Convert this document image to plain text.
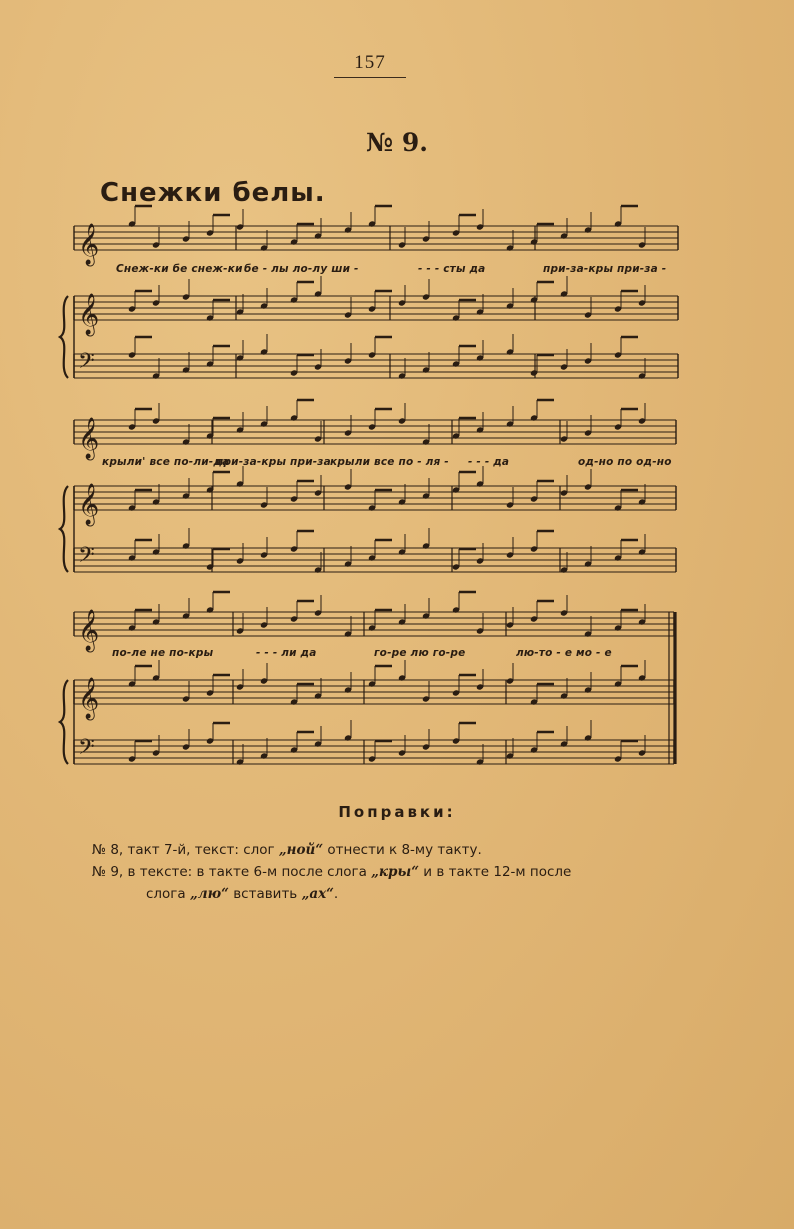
157
№ 9.
Снежки белы.
𝄞
𝄞
𝄢
𝄞
𝄞
𝄢
𝄞
𝄞
𝄢
Снеж-ки бе снеж-ки бе - лы ло-лу ши -	- - - сты да	при-за-кры при-за -
крыли' все по-ли-да
при-за-кры при-за крыли все по - ля - - - - да	од-но по од-но
по-ле не по-кры	- - - ли да	го-ре лю го-ре	лю-то - е мо - е
Поправки:
№ 8, такт 7-й, текст: слог „ной“ отнести к 8-му такту.
№ 9, в тексте: в такте 6-м после слога „кры“ и в такте 12-м после
слога „лю“ вставить „ах“.
